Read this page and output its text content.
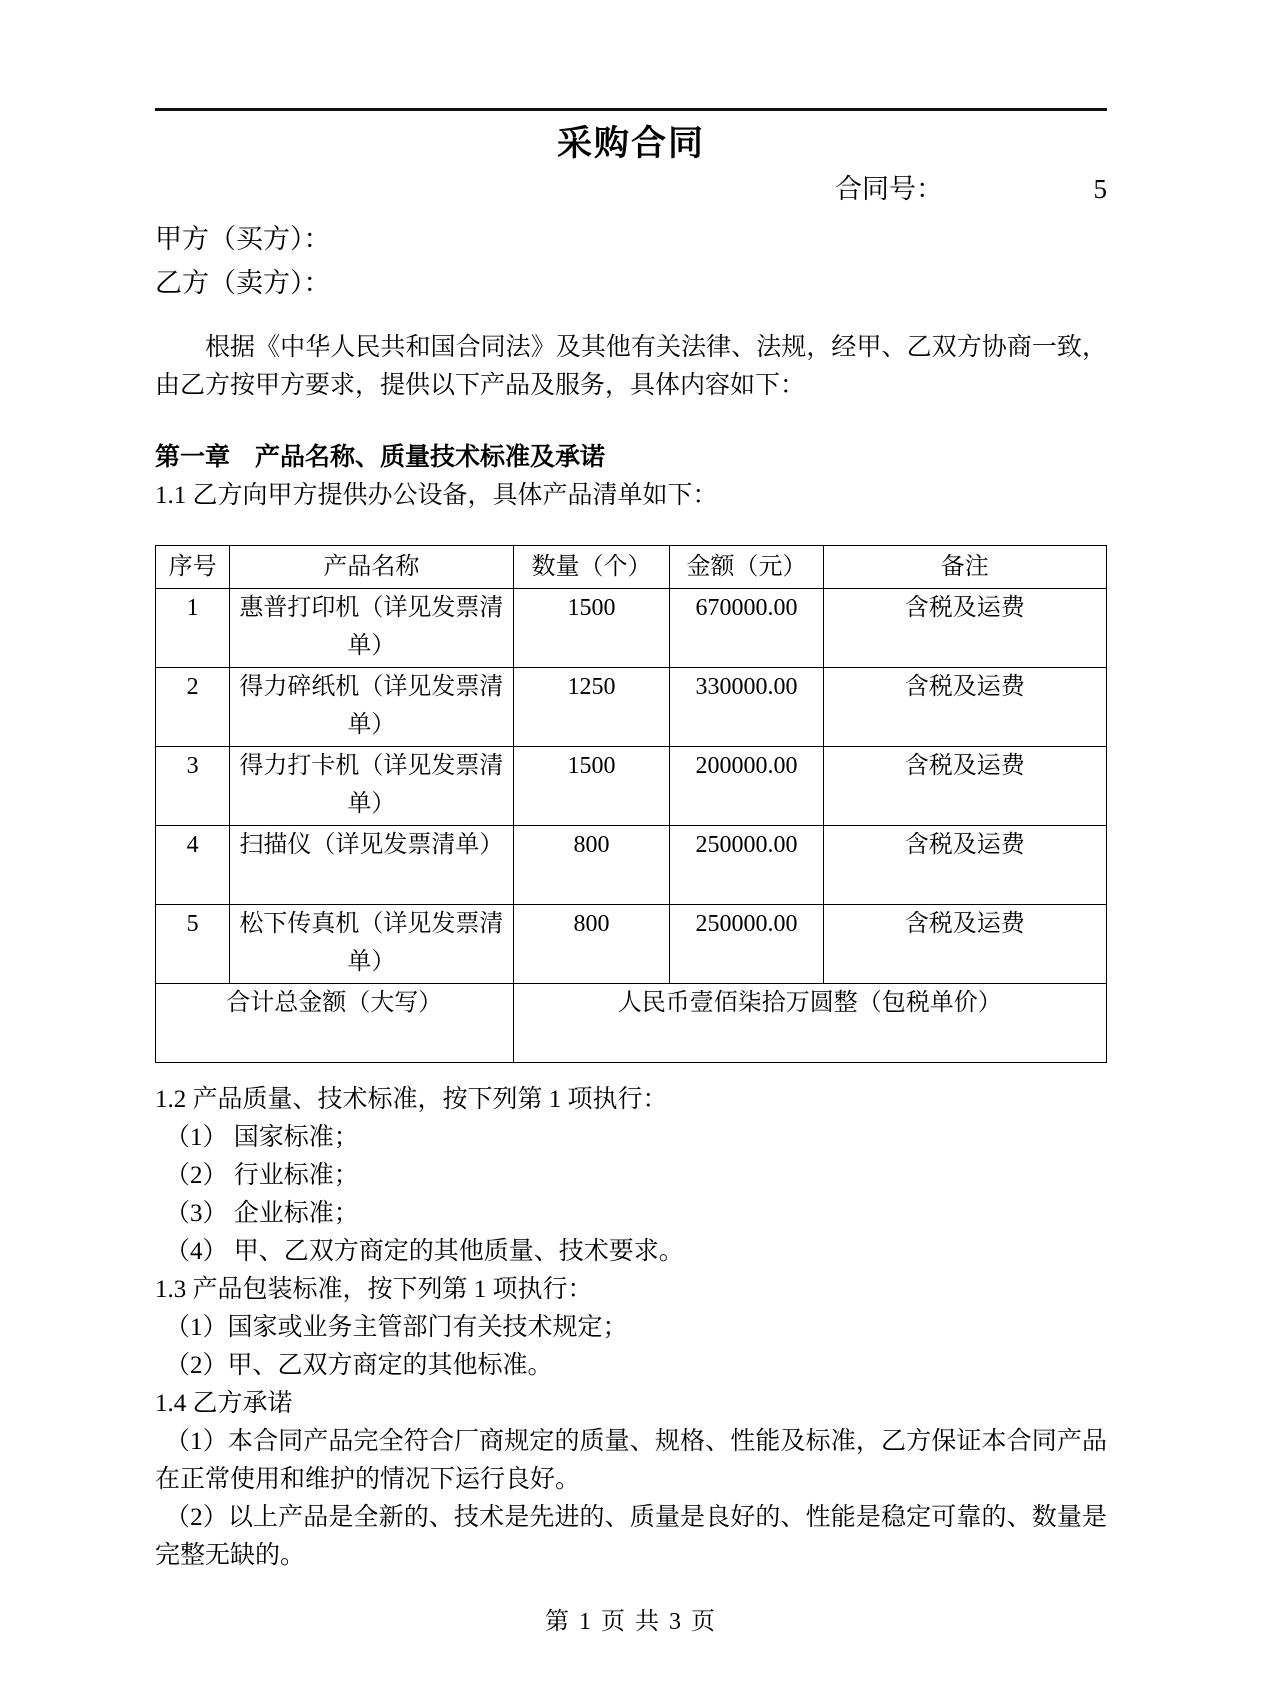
采购合同
合同号：	5
甲方（买方）：
乙方（卖方）：
根据《中华人民共和国合同法》及其他有关法律、法规，经甲、乙双方协商一致，由乙方按甲方要求，提供以下产品及服务，具体内容如下：
第一章　产品名称、质量技术标准及承诺
1.1 乙方向甲方提供办公设备，具体产品清单如下：
序号	产品名称	数量（个）	金额（元）	备注
1	惠普打印机（详见发票清单）	1500	670000.00	含税及运费
2	得力碎纸机（详见发票清单）	1250	330000.00	含税及运费
3	得力打卡机（详见发票清单）	1500	200000.00	含税及运费
4	扫描仪（详见发票清单）	800	250000.00	含税及运费
5	松下传真机（详见发票清单）	800	250000.00	含税及运费
合计总金额（大写）		人民币壹佰柒拾万圆整（包税单价）		
1.2 产品质量、技术标准，按下列第 1 项执行：
（1） 国家标准；
（2） 行业标准；
（3） 企业标准；
（4） 甲、乙双方商定的其他质量、技术要求。
1.3 产品包装标准，按下列第 1 项执行：
（1）国家或业务主管部门有关技术规定；
（2）甲、乙双方商定的其他标准。
1.4 乙方承诺
（1）本合同产品完全符合厂商规定的质量、规格、性能及标准，乙方保证本合同产品在正常使用和维护的情况下运行良好。
（2）以上产品是全新的、技术是先进的、质量是良好的、性能是稳定可靠的、数量是完整无缺的。
第 1 页 共 3 页
